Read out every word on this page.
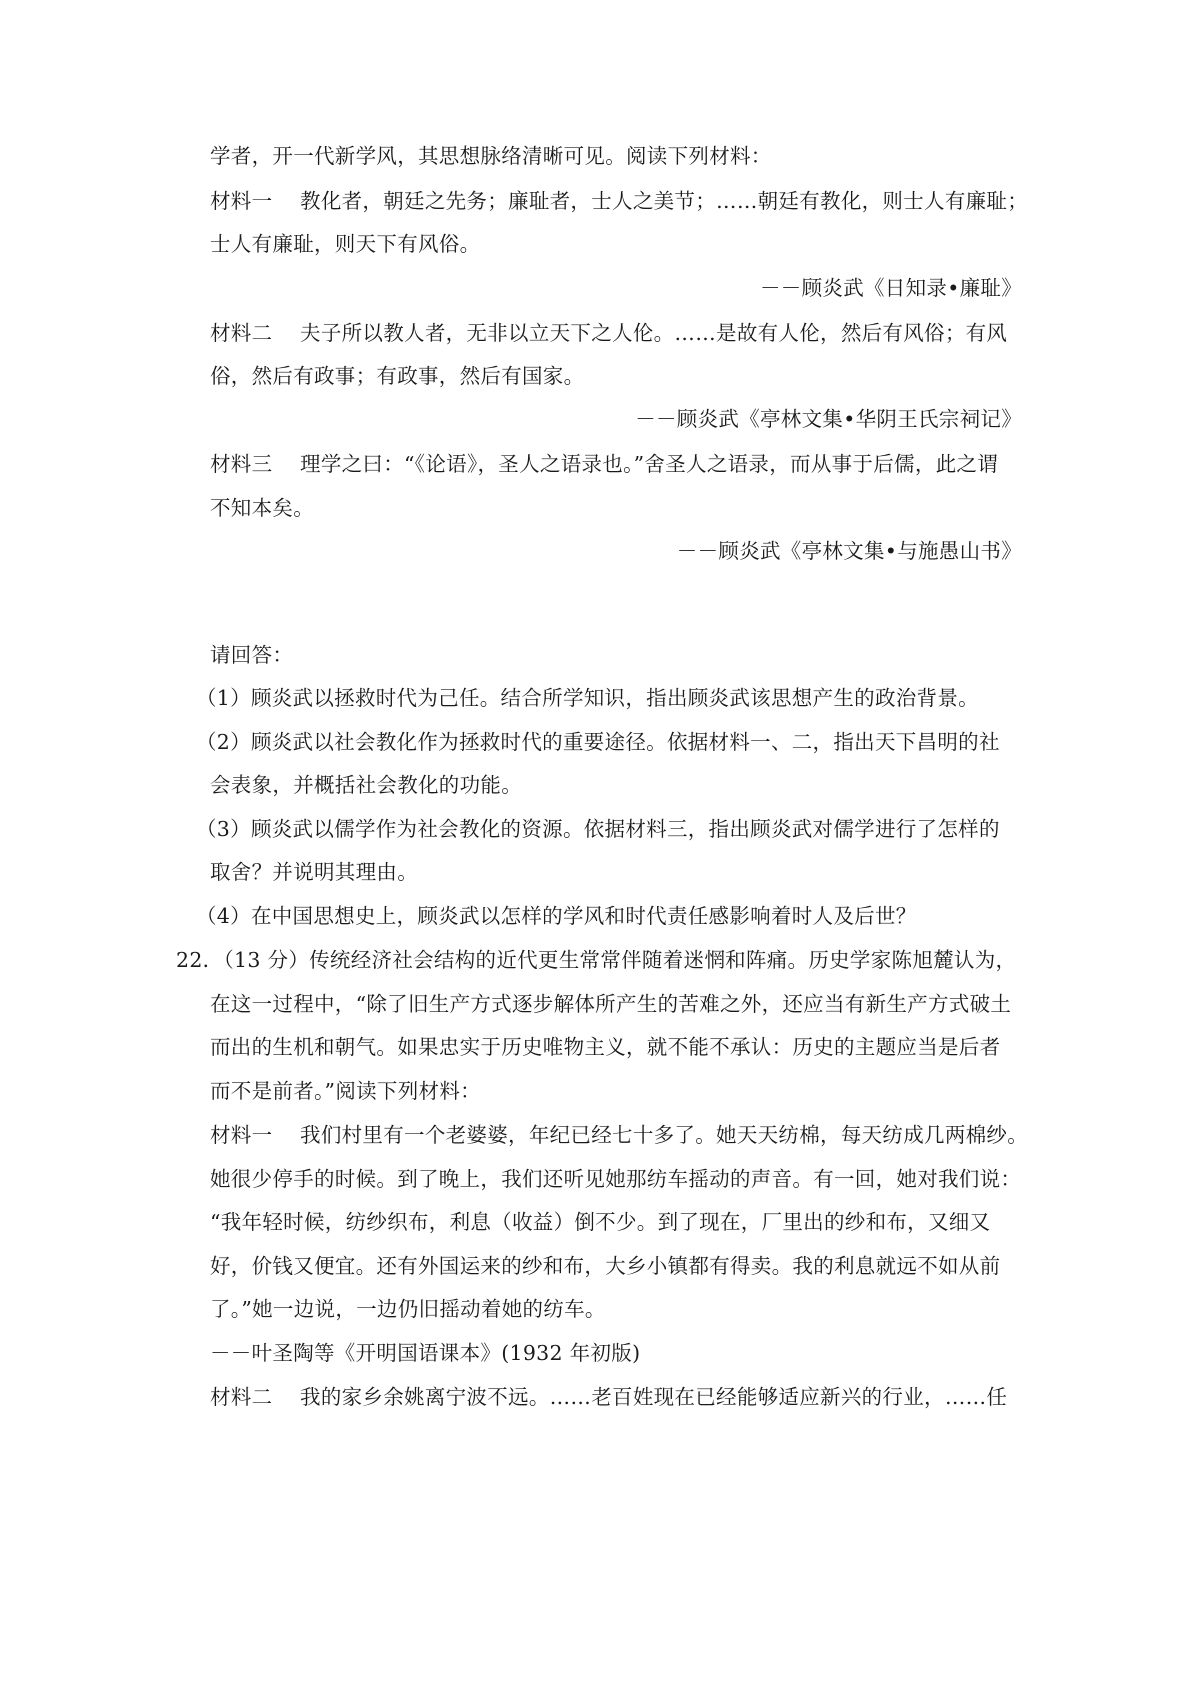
学者，开一代新学风，其思想脉络清晰可见。阅读下列材料：
材料一　 教化者，朝廷之先务；廉耻者，士人之美节；……朝廷有教化，则士人有廉耻；
士人有廉耻，则天下有风俗。
－－顾炎武《日知录•廉耻》
材料二　 夫子所以教人者，无非以立天下之人伦。……是故有人伦，然后有风俗；有风
俗，然后有政事；有政事，然后有国家。
－－顾炎武《亭林文集•华阴王氏宗祠记》
材料三　 理学之曰：“《论语》，圣人之语录也。”舍圣人之语录，而从事于后儒，此之谓
不知本矣。
－－顾炎武《亭林文集•与施愚山书》
请回答：
（1）顾炎武以拯救时代为己任。结合所学知识，指出顾炎武该思想产生的政治背景。
（2）顾炎武以社会教化作为拯救时代的重要途径。依据材料一、二，指出天下昌明的社
会表象，并概括社会教化的功能。
（3）顾炎武以儒学作为社会教化的资源。依据材料三，指出顾炎武对儒学进行了怎样的
取舍？并说明其理由。
（4）在中国思想史上，顾炎武以怎样的学风和时代责任感影响着时人及后世？
22．（13 分）传统经济社会结构的近代更生常常伴随着迷惘和阵痛。历史学家陈旭麓认为，
在这一过程中，“除了旧生产方式逐步解体所产生的苦难之外，还应当有新生产方式破土
而出的生机和朝气。如果忠实于历史唯物主义，就不能不承认：历史的主题应当是后者
而不是前者。”阅读下列材料：
材料一　 我们村里有一个老婆婆，年纪已经七十多了。她天天纺棉，每天纺成几两棉纱。
她很少停手的时候。到了晚上，我们还听见她那纺车摇动的声音。有一回，她对我们说：
“我年轻时候，纺纱织布，利息（收益）倒不少。到了现在，厂里出的纱和布，又细又
好，价钱又便宜。还有外国运来的纱和布，大乡小镇都有得卖。我的利息就远不如从前
了。”她一边说，一边仍旧摇动着她的纺车。
－－叶圣陶等《开明国语课本》(1932 年初版)
材料二　 我的家乡余姚离宁波不远。……老百姓现在已经能够适应新兴的行业，……任
